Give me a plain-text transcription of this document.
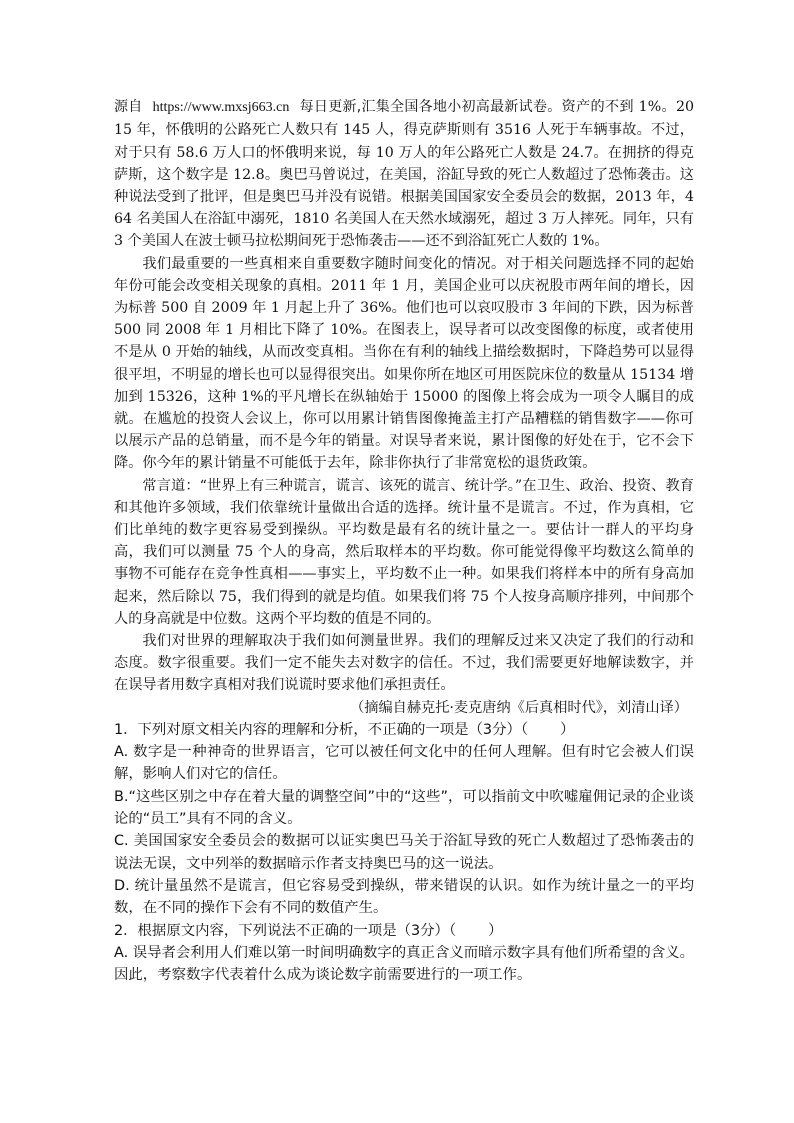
源自 https://www.mxsj663.cn 每日更新,汇集全国各地小初高最新试卷。资产的不到 1%。2015 年，怀俄明的公路死亡人数只有 145 人，得克萨斯则有 3516 人死于车辆事故。不过，对于只有 58.6 万人口的怀俄明来说，每 10 万人的年公路死亡人数是 24.7。在拥挤的得克萨斯，这个数字是 12.8。奥巴马曾说过，在美国，浴缸导致的死亡人数超过了恐怖袭击。这种说法受到了批评，但是奥巴马并没有说错。根据美国国家安全委员会的数据，2013 年，464 名美国人在浴缸中溺死，1810 名美国人在天然水域溺死，超过 3 万人摔死。同年，只有 3 个美国人在波士顿马拉松期间死于恐怖袭击——还不到浴缸死亡人数的 1%。

我们最重要的一些真相来自重要数字随时间变化的情况。对于相关问题选择不同的起始年份可能会改变相关现象的真相。2011 年 1 月，美国企业可以庆祝股市两年间的增长，因为标普 500 自 2009 年 1 月起上升了 36%。他们也可以哀叹股市 3 年间的下跌，因为标普 500 同 2008 年 1 月相比下降了 10%。在图表上，误导者可以改变图像的标度，或者使用不是从 0 开始的轴线，从而改变真相。当你在有利的轴线上描绘数据时，下降趋势可以显得很平坦，不明显的增长也可以显得很突出。如果你所在地区可用医院床位的数量从 15134 增加到 15326，这种 1%的平凡增长在纵轴始于 15000 的图像上将会成为一项令人瞩目的成就。在尴尬的投资人会议上，你可以用累计销售图像掩盖主打产品糟糕的销售数字——你可以展示产品的总销量，而不是今年的销量。对误导者来说，累计图像的好处在于，它不会下降。你今年的累计销量不可能低于去年，除非你执行了非常宽松的退货政策。

常言道：“世界上有三种谎言，谎言、该死的谎言、统计学。”在卫生、政治、投资、教育和其他许多领域，我们依靠统计量做出合适的选择。统计量不是谎言。不过，作为真相，它们比单纯的数字更容易受到操纵。平均数是最有名的统计量之一。要估计一群人的平均身高，我们可以测量 75 个人的身高，然后取样本的平均数。你可能觉得像平均数这么简单的事物不可能存在竞争性真相——事实上，平均数不止一种。如果我们将样本中的所有身高加起来，然后除以 75，我们得到的就是均值。如果我们将 75 个人按身高顺序排列，中间那个人的身高就是中位数。这两个平均数的值是不同的。

我们对世界的理解取决于我们如何测量世界。我们的理解反过来又决定了我们的行动和态度。数字很重要。我们一定不能失去对数字的信任。不过，我们需要更好地解读数字，并在误导者用数字真相对我们说谎时要求他们承担责任。

（摘编自赫克托·麦克唐纳《后真相时代》，刘清山译）

1．下列对原文相关内容的理解和分析，不正确的一项是（3分）（ ）

A. 数字是一种神奇的世界语言，它可以被任何文化中的任何人理解。但有时它会被人们误解，影响人们对它的信任。

B.“这些区别之中存在着大量的调整空间”中的“这些”，可以指前文中吹嘘雇佣记录的企业谈论的“员工”具有不同的含义。

C. 美国国家安全委员会的数据可以证实奥巴马关于浴缸导致的死亡人数超过了恐怖袭击的说法无误，文中列举的数据暗示作者支持奥巴马的这一说法。

D. 统计量虽然不是谎言，但它容易受到操纵，带来错误的认识。如作为统计量之一的平均数，在不同的操作下会有不同的数值产生。

2．根据原文内容，下列说法不正确的一项是（3分）（ ）

A. 误导者会利用人们难以第一时间明确数字的真正含义而暗示数字具有他们所希望的含义。因此，考察数字代表着什么成为谈论数字前需要进行的一项工作。
